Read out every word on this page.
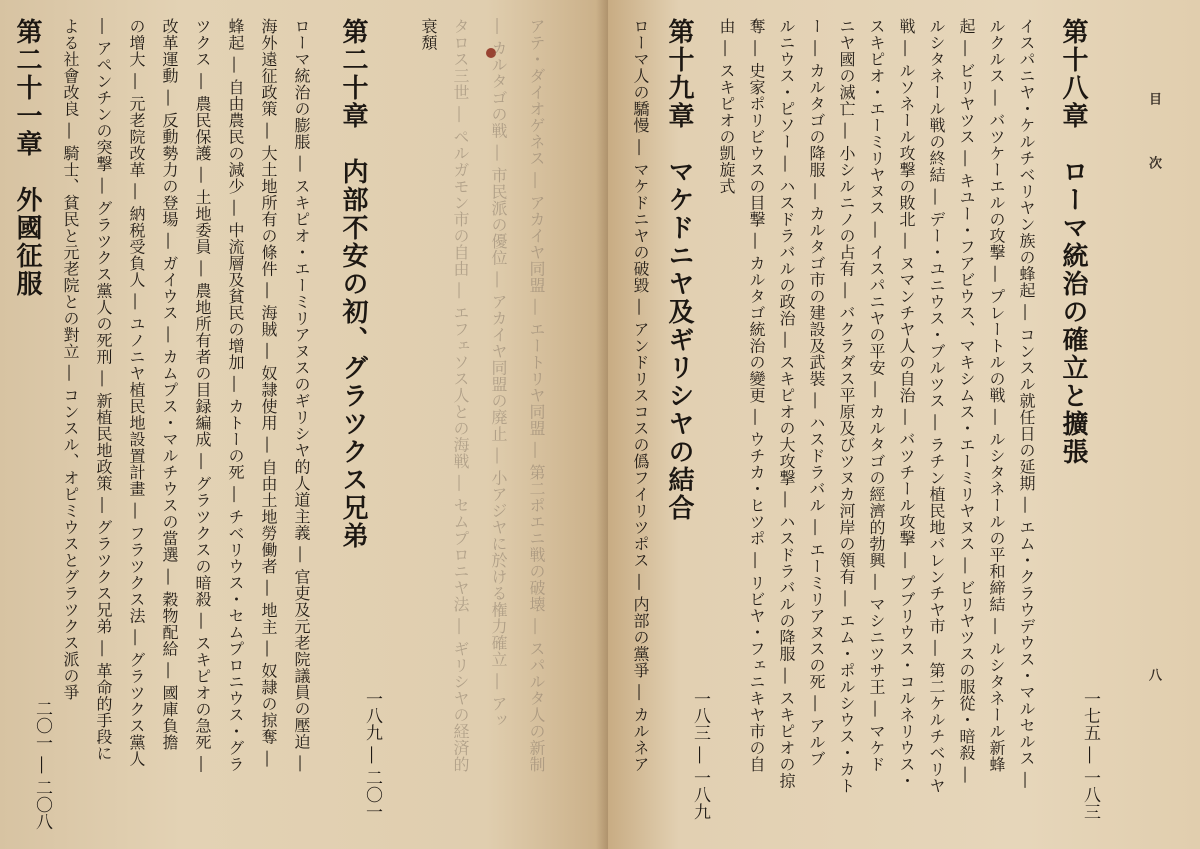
第二十一章　外國征服
二〇一 ― 二〇八
よる社會改良 ― 騎士、貧民と元老院との對立 ― コンスル、オピミウスとグラツクス派の爭 ― アペンチンの突撃 ― グラツクス黨人の死刑 ― 新植民地政策 ― グラツクス兄弟 ― 革命的手段に の增大 ― 元老院改革 ― 納税受負人 ― ユノニヤ植民地設置計畫 ― フラツクス法 ― グラツクス黨人 改革運動 ― 反動勢力の登場 ― ガイウス ― カムプス・マルチウスの當選 ― 穀物配給 ― 國庫負擔 ツクス ― 農民保護 ― 土地委員 ― 農地所有者の目録編成 ― グラツクスの暗殺 ― スキピオの急死 ― 蜂起 ― 自由農民の減少 ― 中流層及貧民の增加 ― カトーの死 ― チベリウス・セムプロニウス・グラ 海外遠征政策 ― 大土地所有の條件 ― 海賊 ― 奴隷使用 ― 自由土地勞働者 ― 地主 ― 奴隷の掠奪 ― ローマ統治の膨脹 ― スキピオ・エーミリアヌスのギリシヤ的人道主義 ― 官吏及元老院議員の壓迫 ― 第二十章　内部不安の初、グラツクス兄弟
一八九 ― 二〇一
衰頽 タロス三世 ― ペルガモン市の自由 ― エフェソス人との海戦 ― セムプロニヤ法 ― ギリシヤの経済的 ― カルタゴの戦 ― 市民派の優位 ― アカイヤ同盟の廃止 ― 小アジヤに於ける権力確立 ― アッ アテ・ダイオゲネス ― アカイヤ同盟 ― エートリヤ同盟 ― 第二ポエニ戦の破壊 ― スパルタ人の新制	ローマ人の驕慢 ― マケドニヤの破毀 ― アンドリスコスの僞フイリツポス ― 内部の黨爭 ― カルネア 第十九章　マケドニヤ及ギリシヤの結合
一八三 ― 一八九
由 ― スキピオの凱旋式 奪 ― 史家ポリビウスの目撃 ― カルタゴ統治の變更 ― ウチカ・ヒツポ ― リビヤ・フェニキヤ市の自 ルニウス・ピソー ― ハスドラバルの政治 ― スキピオの大攻撃 ― ハスドラバルの降服 ― スキピオの掠 ー ― カルタゴの降服 ― カルタゴ市の建設及武裝 ― ハスドラバル ― エーミリアヌスの死 ― アルブ ニヤ國の滅亡 ― 小シルニノの占有 ― バクラダス平原及びツヌカ河岸の領有 ― エム・ポルシウス・カト スキピオ・エーミリヤヌス ― イスパニヤの平安 ― カルタゴの經濟的勃興 ― マシニツサ王 ― マケド 戦 ― ルソネール攻撃の敗北 ― ヌマンチヤ人の自治 ― バツチール攻撃 ― プブリウス・コルネリウス・ ルシタネール戦の終結 ― デー・ユニウス・ブルツス ― ラチン植民地バレンチヤ市 ― 第二ケルチベリヤ 起 ― ビリヤツス ― キユー・フアビウス、マキシムス・エーミリヤヌス ― ビリヤツスの服從・暗殺 ― ルクルス ― バツケーエルの攻撃 ― プレートルの戦 ― ルシタネールの平和締結 ― ルシタネール新蜂 イスパニヤ・ケルチベリヤン族の蜂起 ― コンスル就任日の延期 ― エム・クラウデウス・マルセルス ― 第十八章　ローマ統治の確立と擴張
一七五 ― 一八三
目
次
八
